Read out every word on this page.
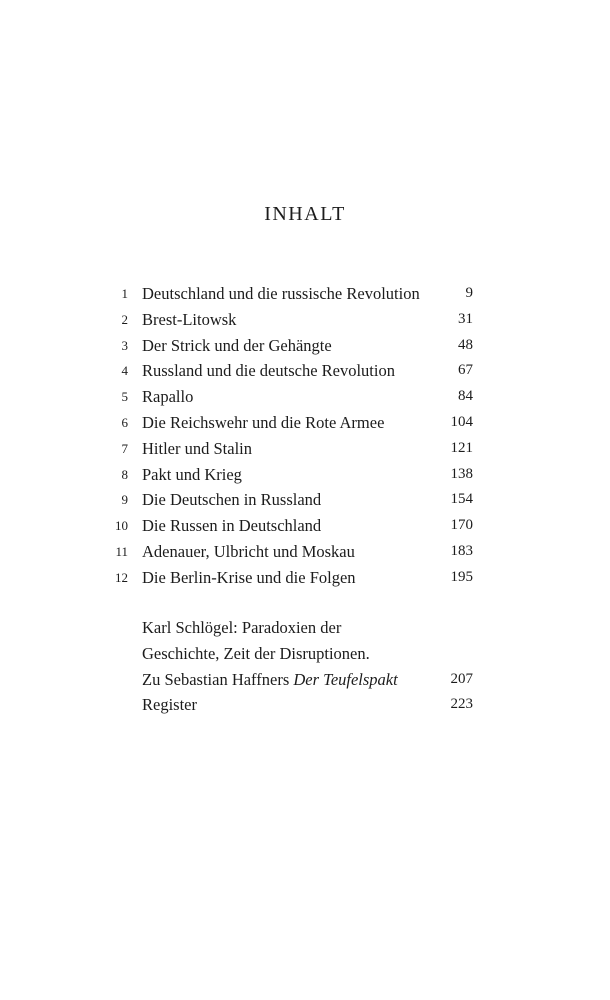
INHALT
1 Deutschland und die russische Revolution	9
2 Brest-Litowsk	31
3 Der Strick und der Gehängte	48
4 Russland und die deutsche Revolution	67
5 Rapallo	84
6 Die Reichswehr und die Rote Armee	104
7 Hitler und Stalin	121
8 Pakt und Krieg	138
9 Die Deutschen in Russland	154
10 Die Russen in Deutschland	170
11 Adenauer, Ulbricht und Moskau	183
12 Die Berlin-Krise und die Folgen	195
Karl Schlögel: Paradoxien der
Geschichte, Zeit der Disruptionen.
Zu Sebastian Haffners Der Teufelspakt	207
Register	223
